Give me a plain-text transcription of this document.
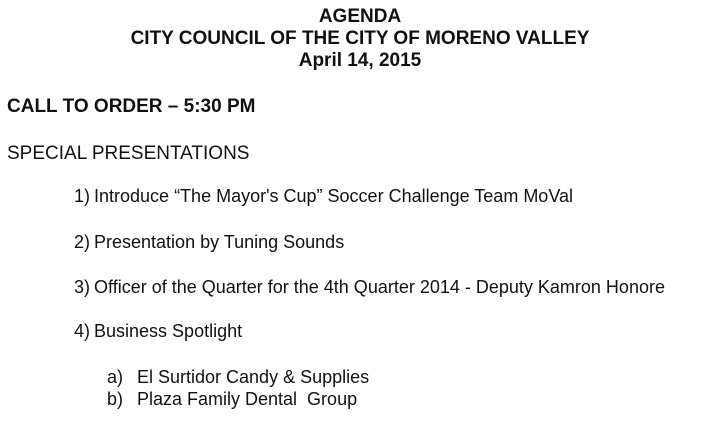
AGENDA
CITY COUNCIL OF THE CITY OF MORENO VALLEY
April 14, 2015
CALL TO ORDER – 5:30 PM
SPECIAL PRESENTATIONS
1) Introduce “The Mayor's Cup” Soccer Challenge Team MoVal
2) Presentation by Tuning Sounds
3) Officer of the Quarter for the 4th Quarter 2014 - Deputy Kamron Honore
4) Business Spotlight
a) El Surtidor Candy & Supplies
b) Plaza Family Dental  Group
